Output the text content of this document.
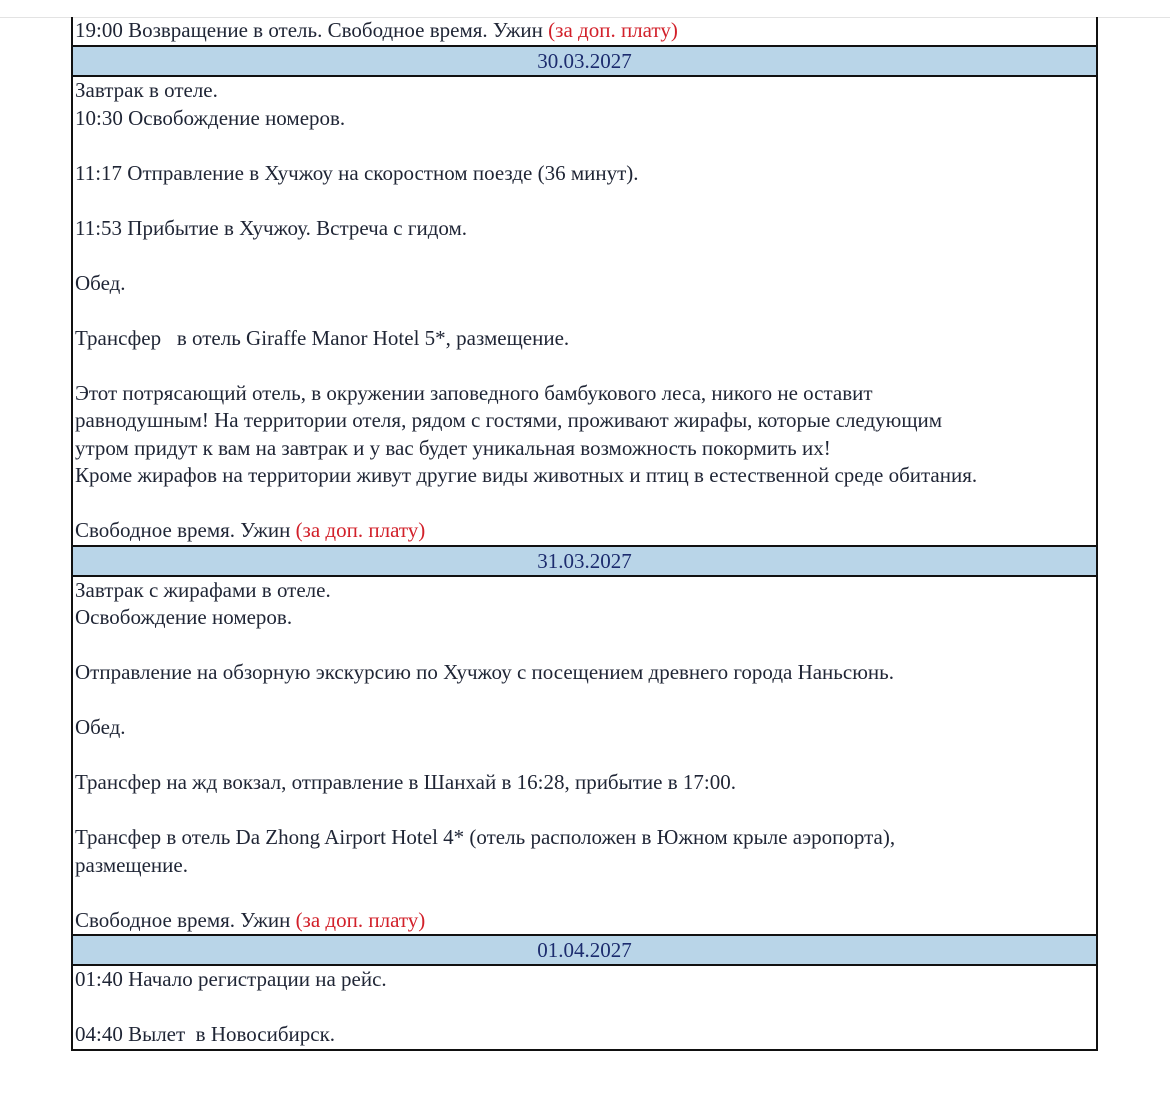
19:00 Возвращение в отель. Свободное время. Ужин (за доп. плату)
30.03.2027
Завтрак в отеле.
10:30 Освобождение номеров.
11:17 Отправление в Хучжоу на скоростном поезде (36 минут).
11:53 Прибытие в Хучжоу. Встреча с гидом.
Обед.
Трансфер   в отель Giraffe Manor Hotel 5*, размещение.
Этот потрясающий отель, в окружении заповедного бамбукового леса, никого не оставит
равнодушным! На территории отеля, рядом с гостями, проживают жирафы, которые следующим
утром придут к вам на завтрак и у вас будет уникальная возможность покормить их!
Кроме жирафов на территории живут другие виды животных и птиц в естественной среде обитания.
Свободное время. Ужин (за доп. плату)
31.03.2027
Завтрак с жирафами в отеле.
Освобождение номеров.
Отправление на обзорную экскурсию по Хучжоу с посещением древнего города Наньсюнь.
Обед.
Трансфер на жд вокзал, отправление в Шанхай в 16:28, прибытие в 17:00.
Трансфер в отель Da Zhong Airport Hotel 4* (отель расположен в Южном крыле аэропорта),
размещение.
Свободное время. Ужин (за доп. плату)
01.04.2027
01:40 Начало регистрации на рейс.
04:40 Вылет  в Новосибирск.
